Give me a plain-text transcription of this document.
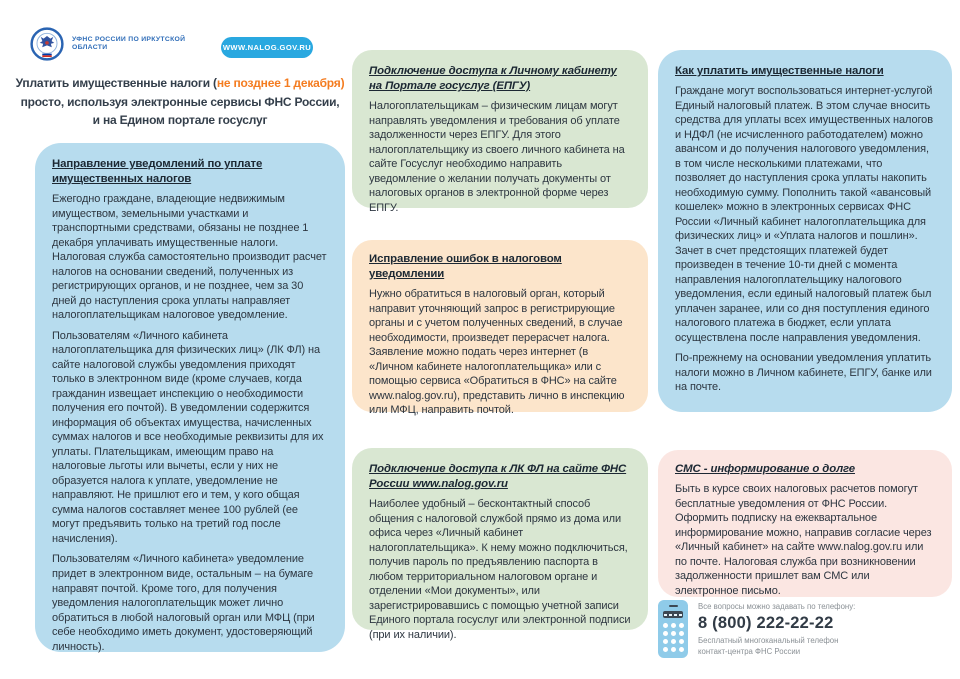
УФНС РОССИИ ПО ИРКУТСКОЙ ОБЛАСТИ	WWW.NALOG.GOV.RU
Уплатить имущественные налоги (не позднее 1 декабря)
просто, используя электронные сервисы ФНС России,
и на Едином портале госуслуг
Направление уведомлений по уплате имущественных налогов

Ежегодно граждане, владеющие недвижимым имуществом, земельными участками и транспортными средствами, обязаны не позднее 1 декабря уплачивать имущественные налоги. Налоговая служба самостоятельно производит расчет налогов на основании сведений, полученных из регистрирующих органов, и не позднее, чем за 30 дней до наступления срока уплаты направляет налогоплательщикам налоговое уведомление.

Пользователям «Личного кабинета налогоплательщика для физических лиц» (ЛК ФЛ) на сайте налоговой службы уведомления приходят только в электронном виде (кроме случаев, когда гражданин извещает инспекцию о необходимости получения его почтой). В уведомлении содержится информация об объектах имущества, начисленных суммах налогов и все необходимые реквизиты для их уплаты. Плательщикам, имеющим право на налоговые льготы или вычеты, если у них не образуется налога к уплате, уведомление не направляют. Не пришлют его и тем, у кого общая сумма налогов составляет менее 100 рублей (ее могут предъявить только на третий год после начисления).

Пользователям «Личного кабинета» уведомление придет в электронном виде, остальным – на бумаге направят почтой. Кроме того, для получения уведомления налогоплательщик может лично обратиться в любой налоговый орган или МФЦ (при себе необходимо иметь документ, удостоверяющий личность).

Подключение доступа к Личному кабинету на Портале госуслуг (ЕПГУ)

Налогоплательщикам – физическим лицам могут направлять уведомления и требования об уплате задолженности через ЕПГУ. Для этого налогоплательщику из своего личного кабинета на сайте Госуслуг необходимо направить уведомление о желании получать документы от налоговых органов в электронной форме через ЕПГУ.

Исправление ошибок в налоговом уведомлении

Нужно обратиться в налоговый орган, который направит уточняющий запрос в регистрирующие органы и с учетом полученных сведений, в случае необходимости, произведет перерасчет налога. Заявление можно подать через интернет (в «Личном кабинете налогоплательщика» или с помощью сервиса «Обратиться в ФНС» на сайте www.nalog.gov.ru), представить лично в инспекцию или МФЦ, направить почтой.

Подключение доступа к ЛК ФЛ на сайте ФНС России www.nalog.gov.ru

Наиболее удобный – бесконтактный способ общения с налоговой службой прямо из дома или офиса через «Личный кабинет налогоплательщика». К нему можно подключиться, получив пароль по предъявлению паспорта в любом территориальном налоговом органе и отделении «Мои документы», или зарегистрировавшись с помощью учетной записи Единого портала госуслуг или электронной подписи (при их наличии).

Как уплатить имущественные налоги

Граждане могут воспользоваться интернет-услугой Единый налоговый платеж. В этом случае вносить средства для уплаты всех имущественных налогов и НДФЛ (не исчисленного работодателем) можно авансом и до получения налогового уведомления, в том числе несколькими платежами, что позволяет до наступления срока уплаты накопить необходимую сумму. Пополнить такой «авансовый кошелек» можно в электронных сервисах ФНС России «Личный кабинет налогоплательщика для физических лиц» и «Уплата налогов и пошлин». Зачет в счет предстоящих платежей будет произведен в течение 10-ти дней с момента направления налогоплательщику налогового уведомления, если единый налоговый платеж был уплачен заранее, или со дня поступления единого налогового платежа в бюджет, если уплата осуществлена после направления уведомления.

По-прежнему на основании уведомления уплатить налоги можно в Личном кабинете, ЕПГУ, банке или на почте.

СМС - информирование о долге

Быть в курсе своих налоговых расчетов помогут бесплатные уведомления от ФНС России. Оформить подписку на ежеквартальное информирование можно, направив согласие через «Личный кабинет» на сайте www.nalog.gov.ru или по почте. Налоговая служба при возникновении задолженности пришлет вам СМС или электронное письмо.

Все вопросы можно задавать по телефону:
8 (800) 222-22-22
Бесплатный многоканальный телефон контакт-центра ФНС России
